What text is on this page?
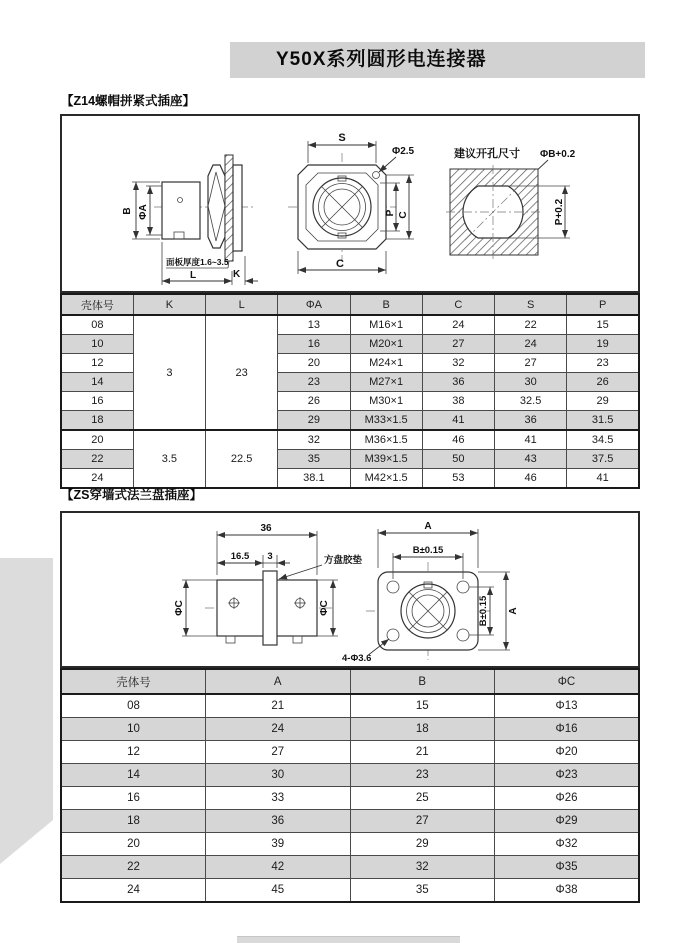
Y50X系列圆形电连接器
【Z14螺帽拼紧式插座】
B ΦA
面板厚度1.6~3.5
L	K
S
Φ2.5
C
P C
建议开孔尺寸 ΦB+0.2
P+0.2
壳体号	K	L	ΦA	B	C	S	P
08	3	23	13	M16×1	24	22	15
10			16	M20×1	27	24	19
12			20	M24×1	32	27	23
14			23	M27×1	36	30	26
16			26	M30×1	38	32.5	29
18			29	M33×1.5	41	36	31.5
20	3.5	22.5	32	M36×1.5	46	41	34.5
22			35	M39×1.5	50	43	37.5
24			38.1	M42×1.5	53	46	41
【ZS穿墙式法兰盘插座】
36
16.5 3	方盘胶垫
ΦC	ΦC
A
B±0.15
B±0.15 A
4-Φ3.6
壳体号	A	B	ΦC
08	21	15	Φ13
10	24	18	Φ16
12	27	21	Φ20
14	30	23	Φ23
16	33	25	Φ26
18	36	27	Φ29
20	39	29	Φ32
22	42	32	Φ35
24	45	35	Φ38
